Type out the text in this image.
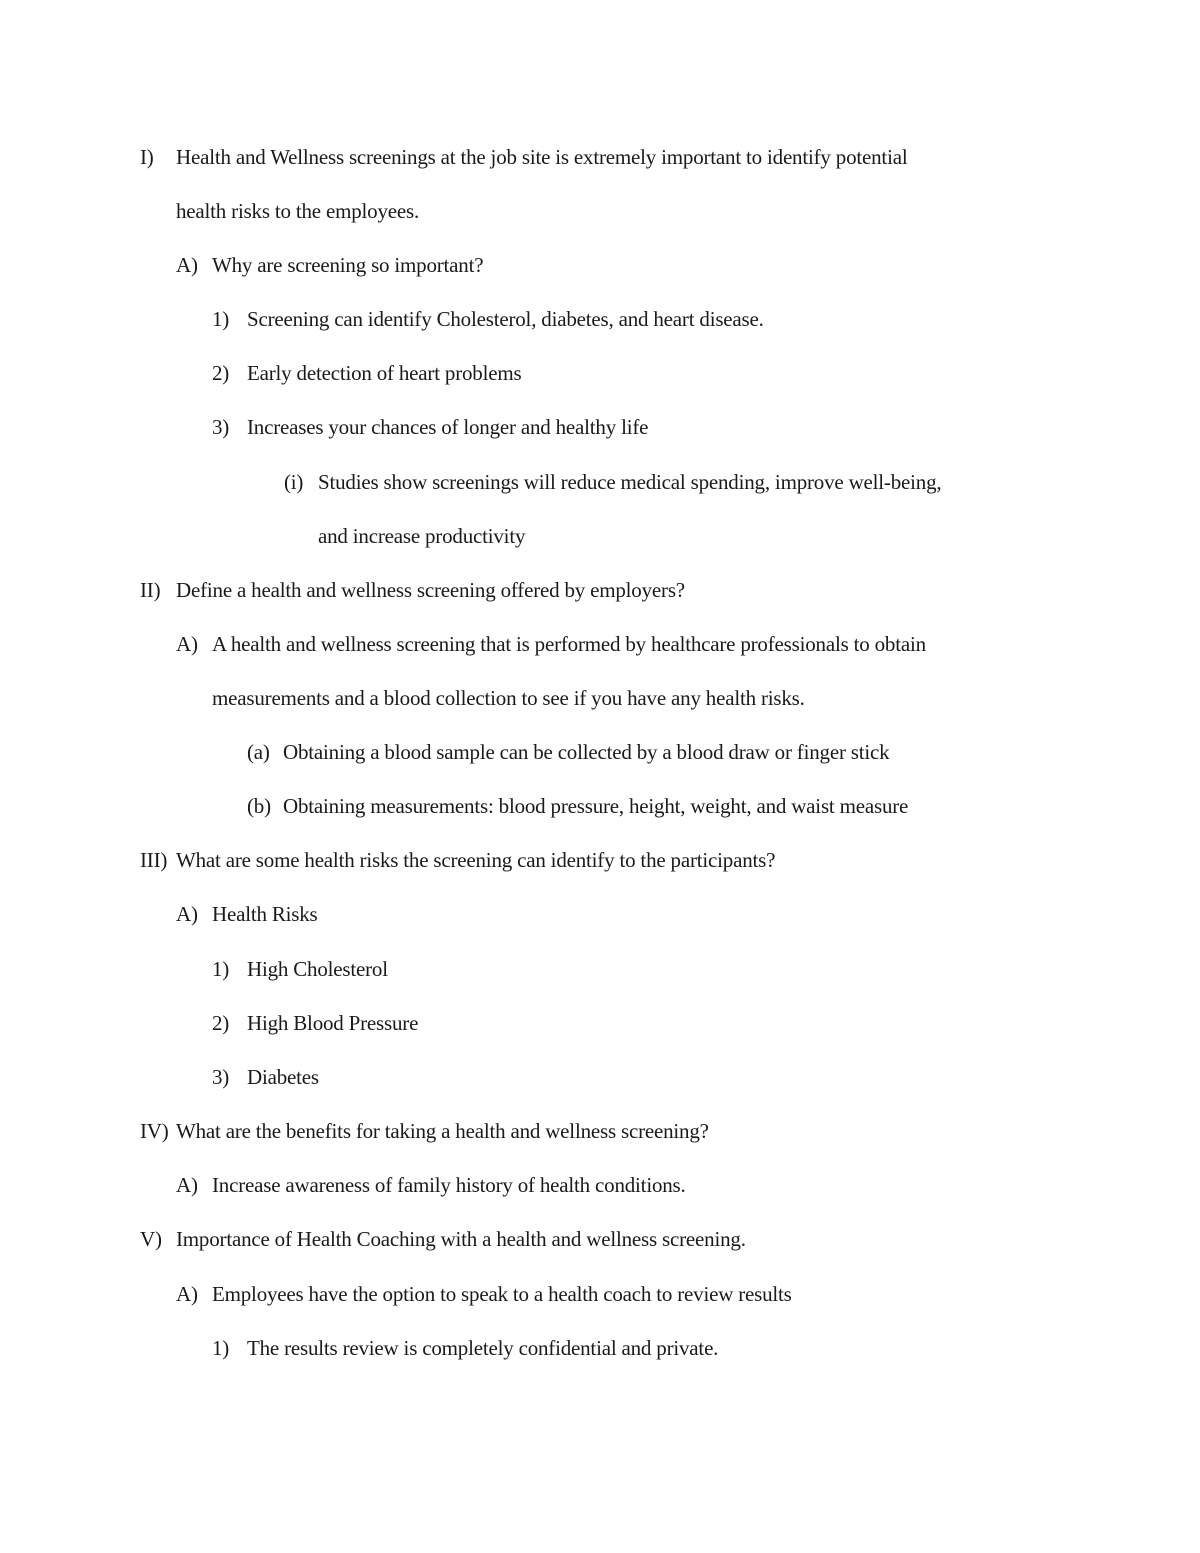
I) Health and Wellness screenings at the job site is extremely important to identify potential
health risks to the employees.
A) Why are screening so important?
1) Screening can identify Cholesterol, diabetes, and heart disease.
2) Early detection of heart problems
3) Increases your chances of longer and healthy life
(i) Studies show screenings will reduce medical spending, improve well-being,
and increase productivity
II) Define a health and wellness screening offered by employers?
A) A health and wellness screening that is performed by healthcare professionals to obtain
measurements and a blood collection to see if you have any health risks.
(a) Obtaining a blood sample can be collected by a blood draw or finger stick
(b) Obtaining measurements: blood pressure, height, weight, and waist measure
III) What are some health risks the screening can identify to the participants?
A) Health Risks
1) High Cholesterol
2) High Blood Pressure
3) Diabetes
IV) What are the benefits for taking a health and wellness screening?
A) Increase awareness of family history of health conditions.
V) Importance of Health Coaching with a health and wellness screening.
A) Employees have the option to speak to a health coach to review results
1) The results review is completely confidential and private.
